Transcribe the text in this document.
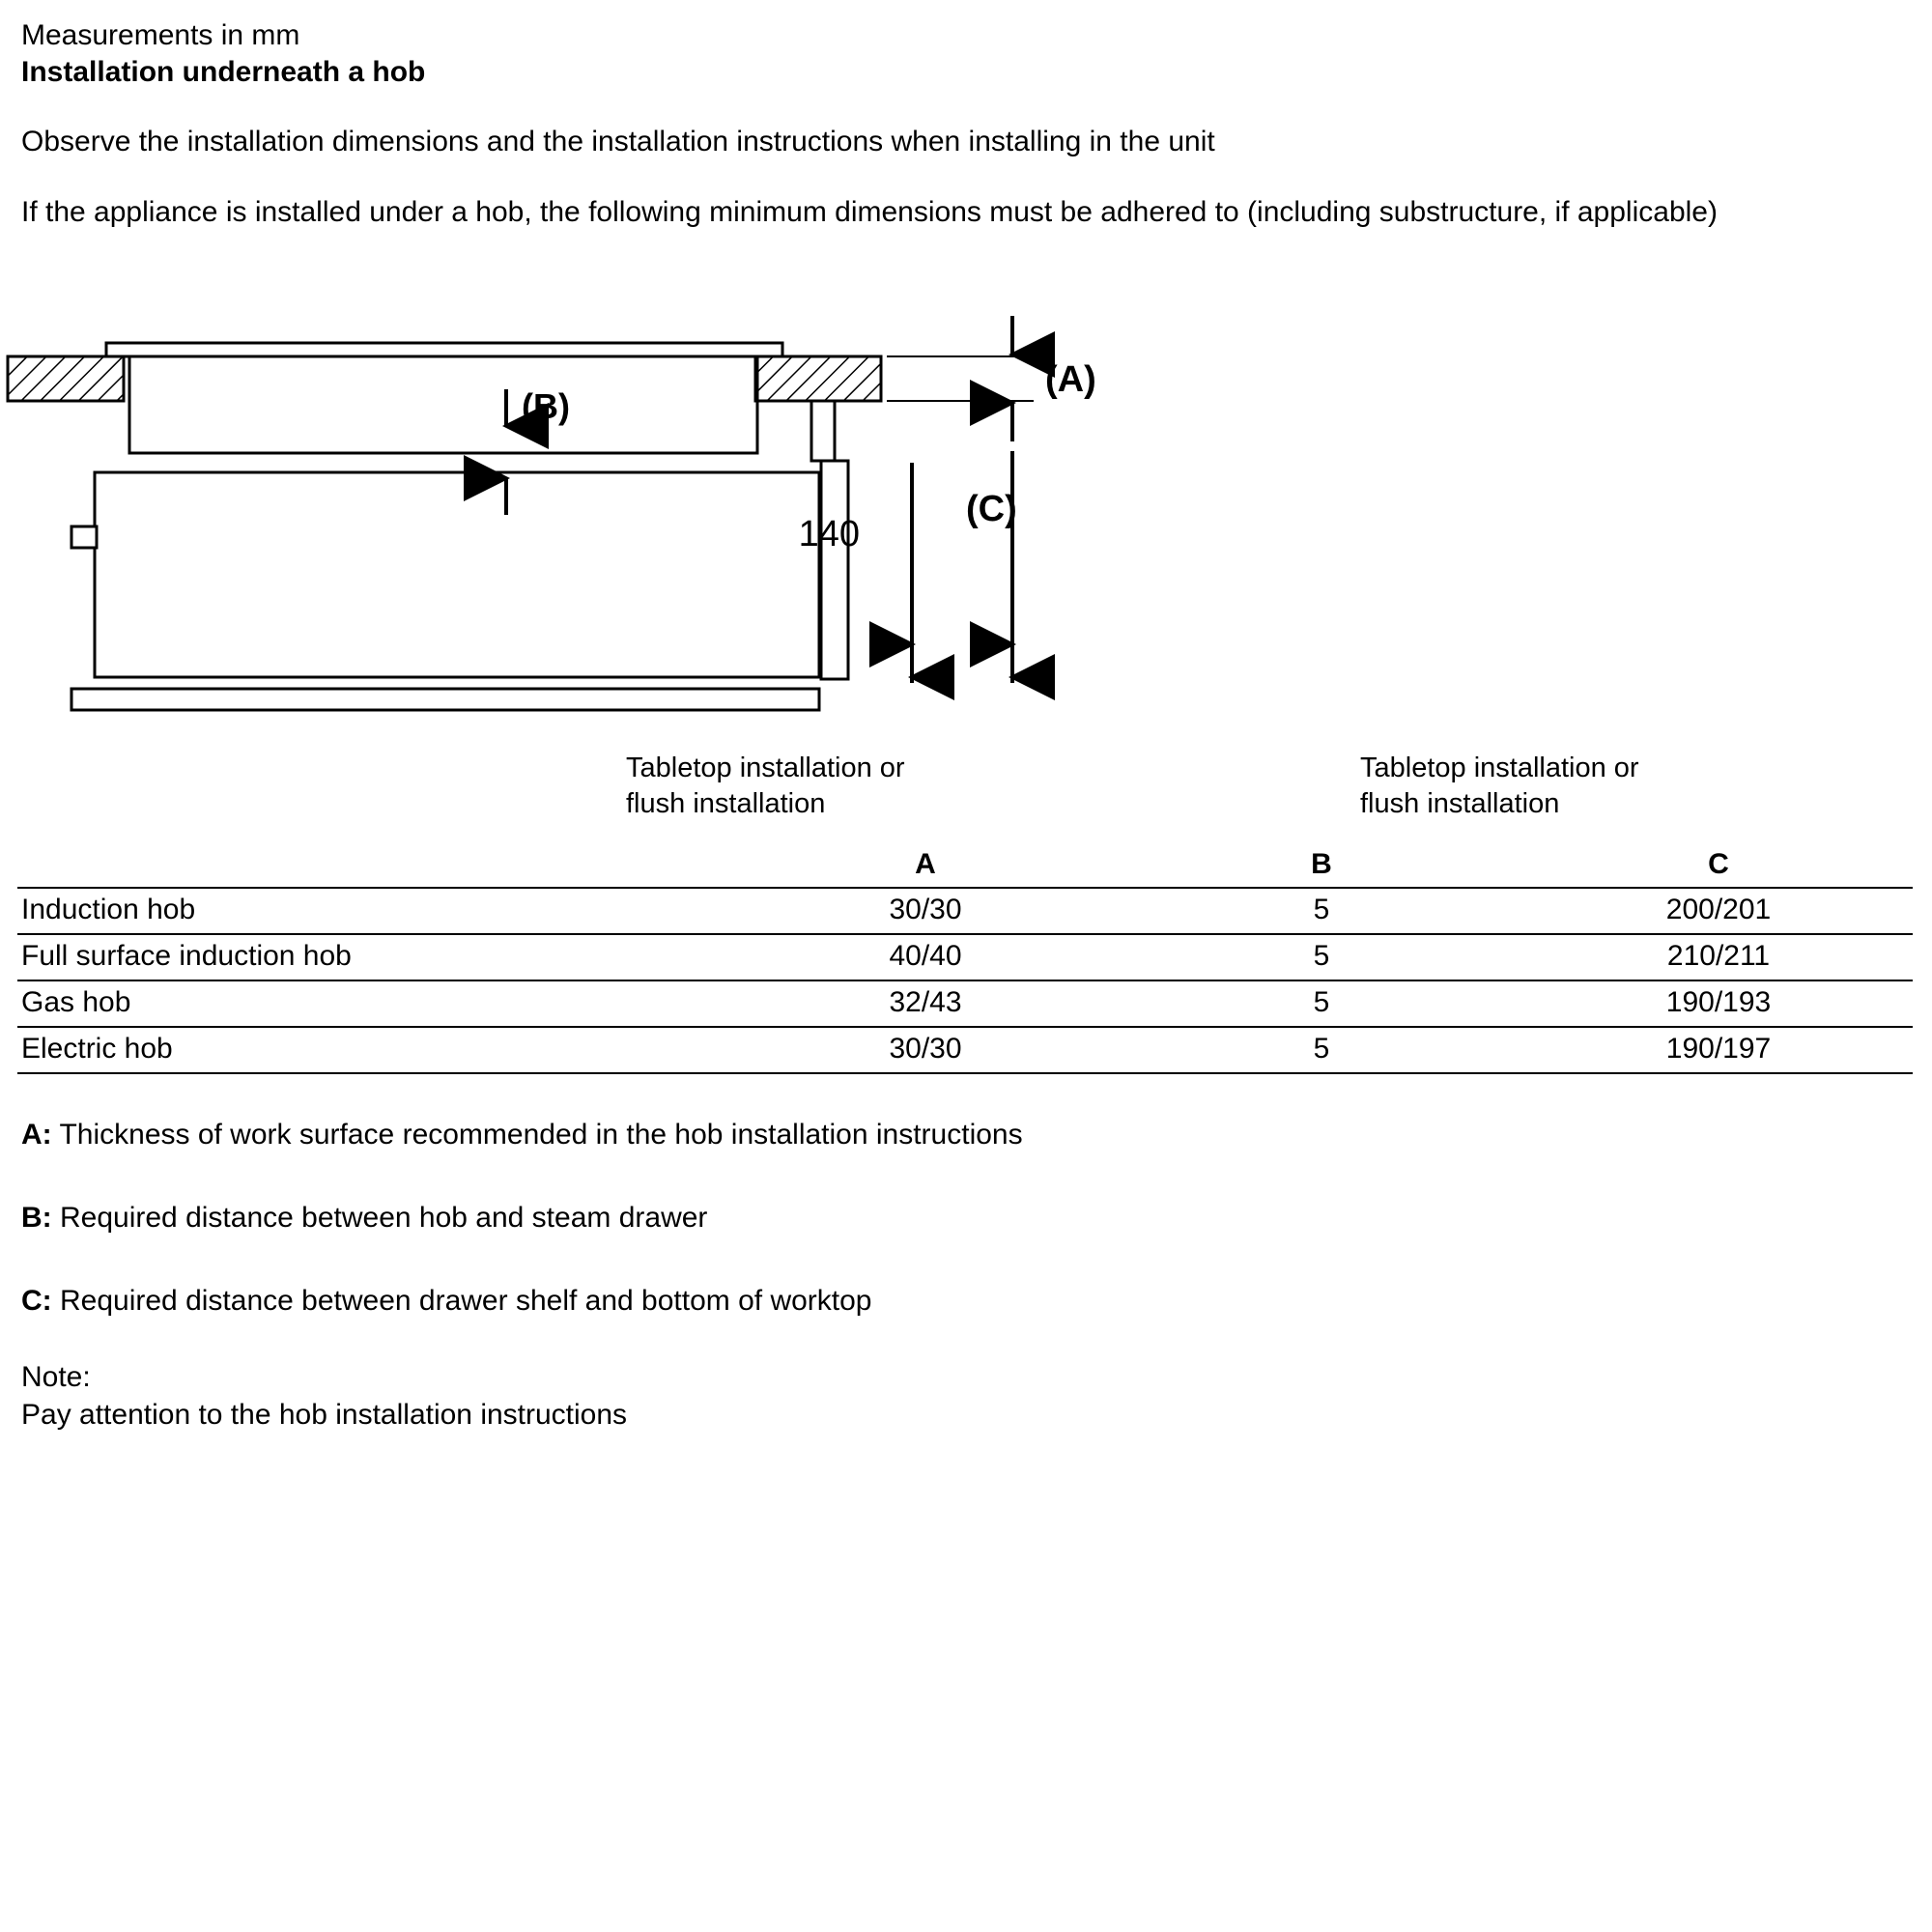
Measurements in mm
Installation underneath a hob
Observe the installation dimensions and the installation instructions when installing in the unit
If the appliance is installed under a hob, the following minimum dimensions must be adhered to (including substructure, if applicable)
(B)
(A)
(C)
140
Tabletop installation or
flush installation
Tabletop installation or
flush installation
	A	B	C
Induction hob	30/30	5	200/201
Full surface induction hob	40/40	5	210/211
Gas hob	32/43	5	190/193
Electric hob	30/30	5	190/197
A: Thickness of work surface recommended in the hob installation instructions
B: Required distance between hob and steam drawer
C: Required distance between drawer shelf and bottom of worktop
Note:
Pay attention to the hob installation instructions
